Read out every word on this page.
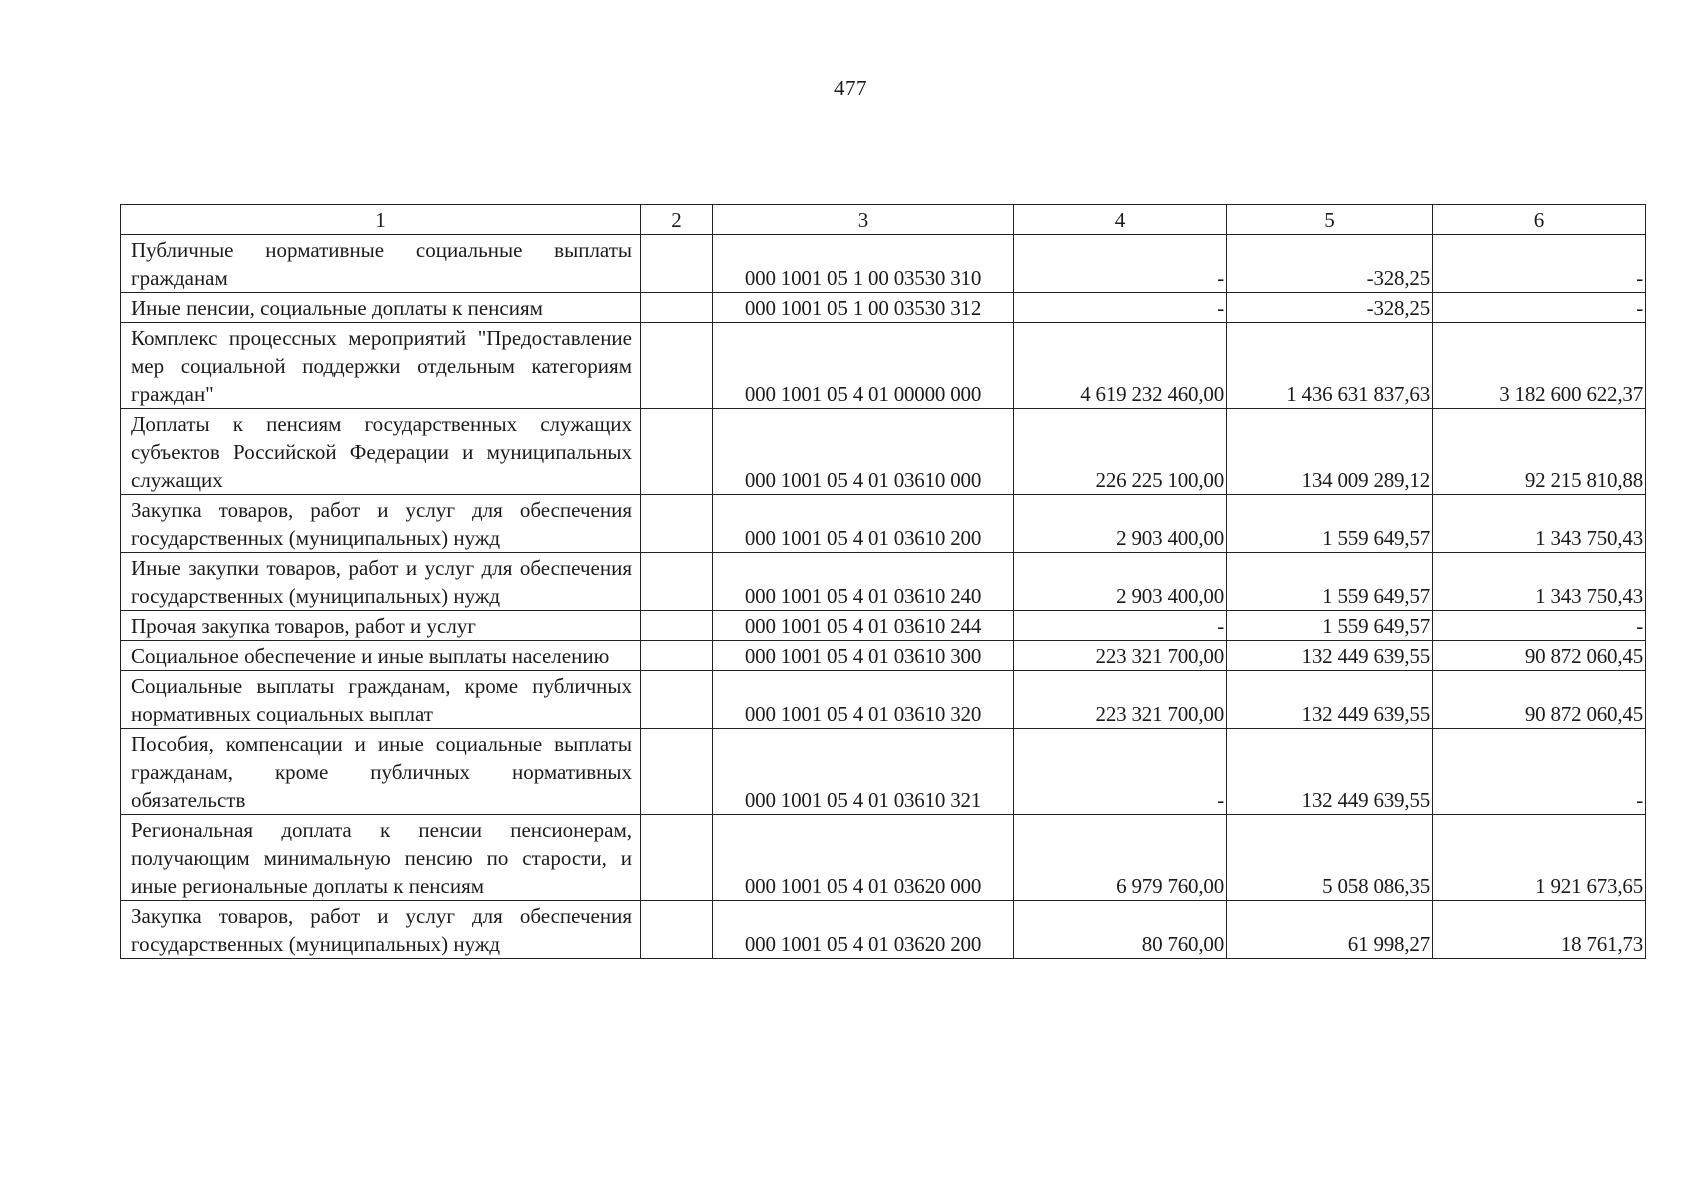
477
1	2	3	4	5	6
Публичные нормативные социальные выплаты гражданам		000 1001 05 1 00 03530 310	-	-328,25	-
Иные пенсии, социальные доплаты к пенсиям		000 1001 05 1 00 03530 312	-	-328,25	-
Комплекс процессных мероприятий "Предоставление мер социальной поддержки отдельным категориям граждан"		000 1001 05 4 01 00000 000	4 619 232 460,00	1 436 631 837,63	3 182 600 622,37
Доплаты к пенсиям государственных служащих субъектов Российской Федерации и муниципальных служащих		000 1001 05 4 01 03610 000	226 225 100,00	134 009 289,12	92 215 810,88
Закупка товаров, работ и услуг для обеспечения государственных (муниципальных) нужд		000 1001 05 4 01 03610 200	2 903 400,00	1 559 649,57	1 343 750,43
Иные закупки товаров, работ и услуг для обеспечения государственных (муниципальных) нужд		000 1001 05 4 01 03610 240	2 903 400,00	1 559 649,57	1 343 750,43
Прочая закупка товаров, работ и услуг		000 1001 05 4 01 03610 244	-	1 559 649,57	-
Социальное обеспечение и иные выплаты населению		000 1001 05 4 01 03610 300	223 321 700,00	132 449 639,55	90 872 060,45
Социальные выплаты гражданам, кроме публичных нормативных социальных выплат		000 1001 05 4 01 03610 320	223 321 700,00	132 449 639,55	90 872 060,45
Пособия, компенсации и иные социальные выплаты гражданам, кроме публичных нормативных обязательств		000 1001 05 4 01 03610 321	-	132 449 639,55	-
Региональная доплата к пенсии пенсионерам, получающим минимальную пенсию по старости, и иные региональные доплаты к пенсиям		000 1001 05 4 01 03620 000	6 979 760,00	5 058 086,35	1 921 673,65
Закупка товаров, работ и услуг для обеспечения государственных (муниципальных) нужд		000 1001 05 4 01 03620 200	80 760,00	61 998,27	18 761,73
